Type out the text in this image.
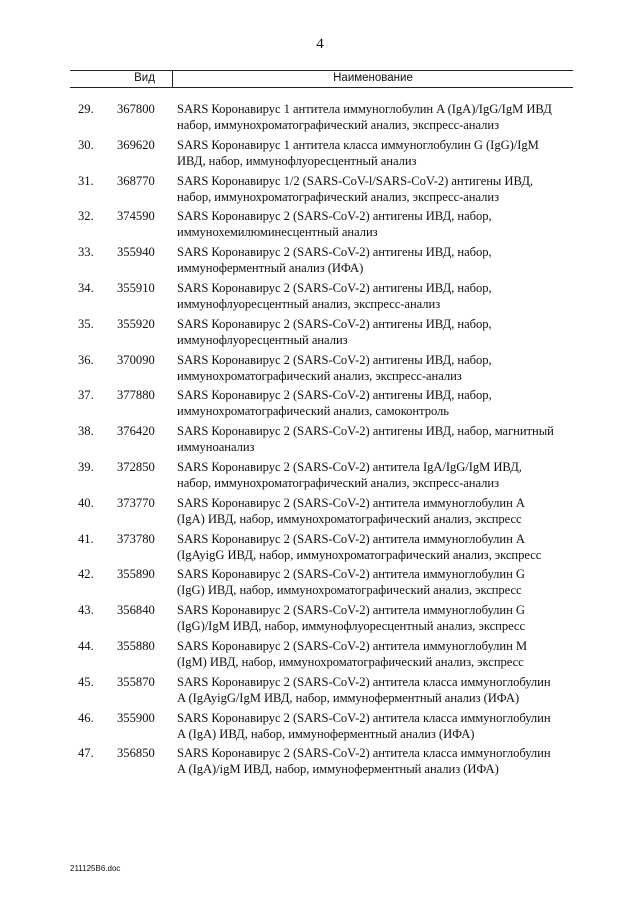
4
Вид	Наименование
29.	367800	SARS Коронавирус 1 антитела иммуноглобулин A (IgA)/IgG/IgM ИВД
набор, иммунохроматографический анализ, экспресс-анализ
30.	369620	SARS Коронавирус 1 антитела класса иммуноглобулин G (IgG)/IgM
ИВД, набор, иммунофлуоресцентный анализ
31.	368770	SARS Коронавирус 1/2 (SARS-CoV-l/SARS-CoV-2) антигены ИВД,
набор, иммунохроматографический анализ, экспресс-анализ
32.	374590	SARS Коронавирус 2 (SARS-CoV-2) антигены ИВД, набор,
иммунохемилюминесцентный анализ
33.	355940	SARS Коронавирус 2 (SARS-CoV-2) антигены ИВД, набор,
иммуноферментный анализ (ИФА)
34.	355910	SARS Коронавирус 2 (SARS-CoV-2) антигены ИВД, набор,
иммунофлуоресцентный анализ, экспресс-анализ
35.	355920	SARS Коронавирус 2 (SARS-CoV-2) антигены ИВД, набор,
иммунофлуоресцентный анализ
36.	370090	SARS Коронавирус 2 (SARS-CoV-2) антигены ИВД, набор,
иммунохроматографический анализ, экспресс-анализ
37.	377880	SARS Коронавирус 2 (SARS-CoV-2) антигены ИВД, набор,
иммунохроматографический анализ, самоконтроль
38.	376420	SARS Коронавирус 2 (SARS-CoV-2) антигены ИВД, набор, магнитный
иммуноанализ
39.	372850	SARS Коронавирус 2 (SARS-CoV-2) антитела IgA/IgG/IgM ИВД,
набор, иммунохроматографический анализ, экспресс-анализ
40.	373770	SARS Коронавирус 2 (SARS-CoV-2) антитела иммуноглобулин A
(IgA) ИВД, набор, иммунохроматографический анализ, экспресс
41.	373780	SARS Коронавирус 2 (SARS-CoV-2) антитела иммуноглобулин A
(IgAyigG ИВД, набор, иммунохроматографический анализ, экспресс
42.	355890	SARS Коронавирус 2 (SARS-CoV-2) антитела иммуноглобулин G
(IgG) ИВД, набор, иммунохроматографический анализ, экспресс
43.	356840	SARS Коронавирус 2 (SARS-CoV-2) антитела иммуноглобулин G
(IgG)/IgM ИВД, набор, иммунофлуоресцентный анализ, экспресс
44.	355880	SARS Коронавирус 2 (SARS-CoV-2) антитела иммуноглобулин M
(IgM) ИВД, набор, иммунохроматографический анализ, экспресс
45.	355870	SARS Коронавирус 2 (SARS-CoV-2) антитела класса иммуноглобулин
A (IgAyigG/IgM ИВД, набор, иммуноферментный анализ (ИФА)
46.	355900	SARS Коронавирус 2 (SARS-CoV-2) антитела класса иммуноглобулин
A (IgA) ИВД, набор, иммуноферментный анализ (ИФА)
47.	356850	SARS Коронавирус 2 (SARS-CoV-2) антитела класса иммуноглобулин
A (IgA)/igM ИВД, набор, иммуноферментный анализ (ИФА)
211125B6.doc
